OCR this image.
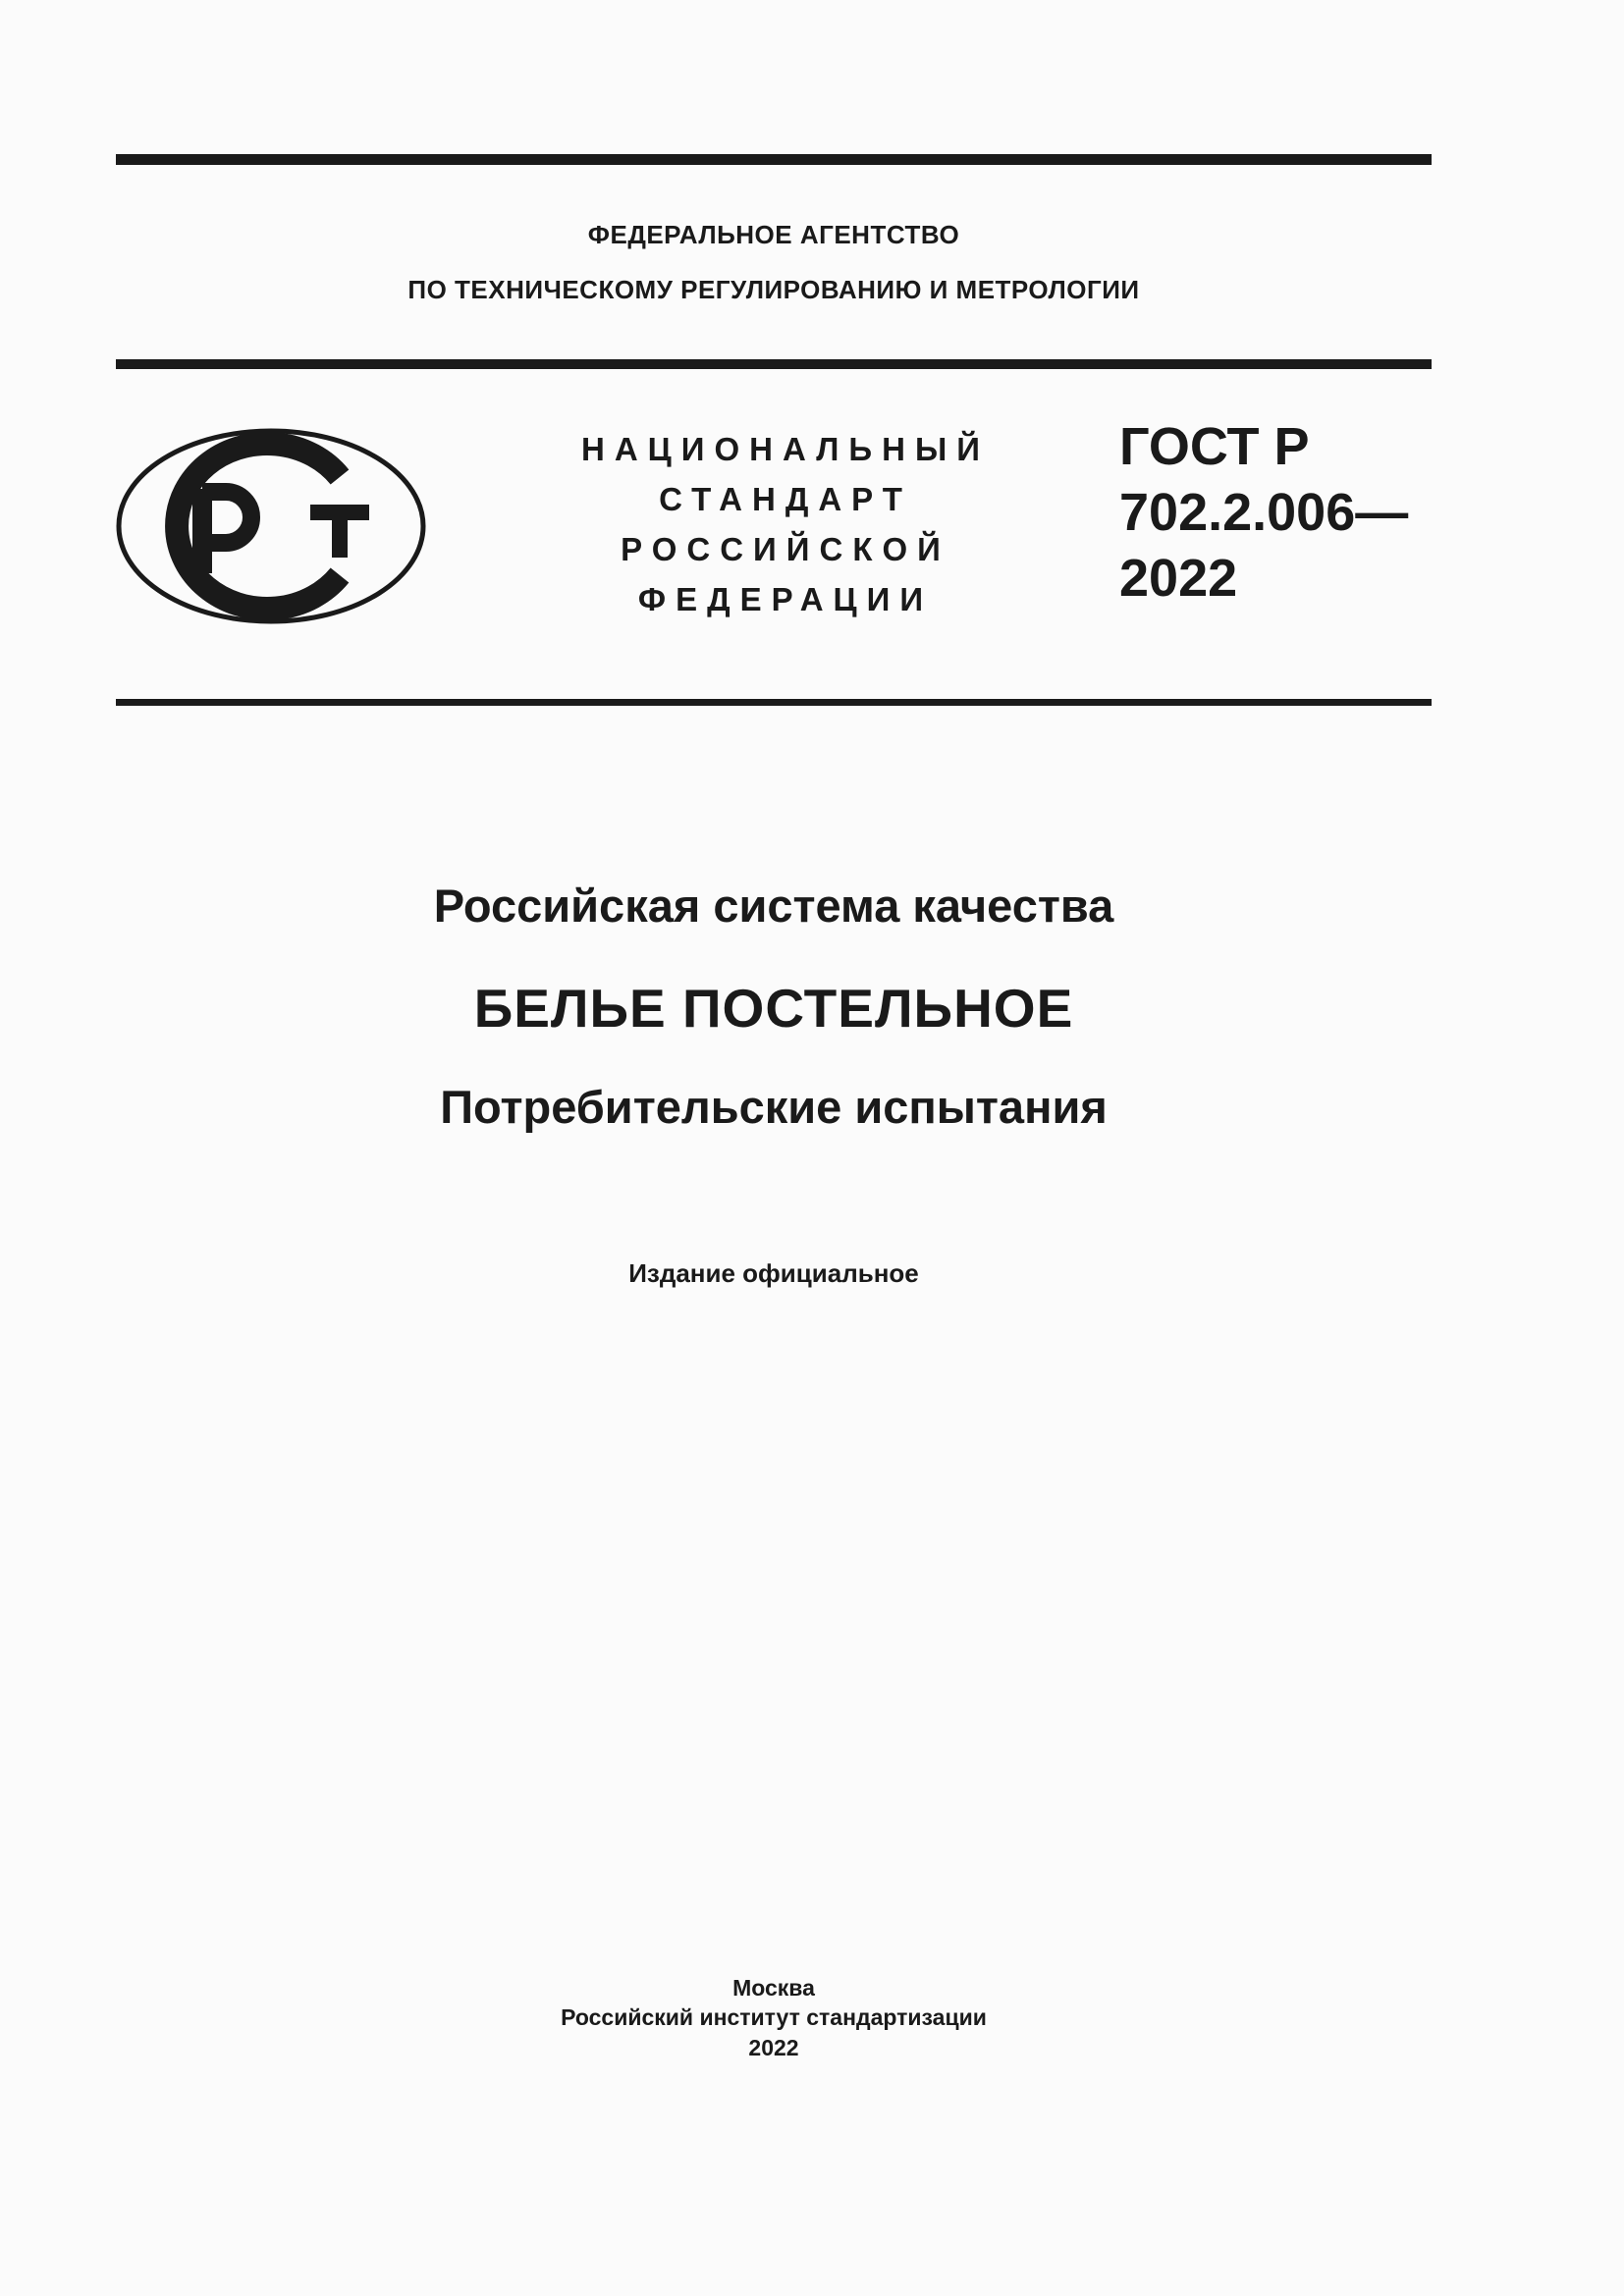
ФЕДЕРАЛЬНОЕ АГЕНТСТВО
ПО ТЕХНИЧЕСКОМУ РЕГУЛИРОВАНИЮ И МЕТРОЛОГИИ
НАЦИОНАЛЬНЫЙ
СТАНДАРТ
РОССИЙСКОЙ
ФЕДЕРАЦИИ
ГОСТ Р
702.2.006—
2022
Российская система качества
БЕЛЬЕ ПОСТЕЛЬНОЕ
Потребительские испытания
Издание официальное
Москва
Российский институт стандартизации
2022
